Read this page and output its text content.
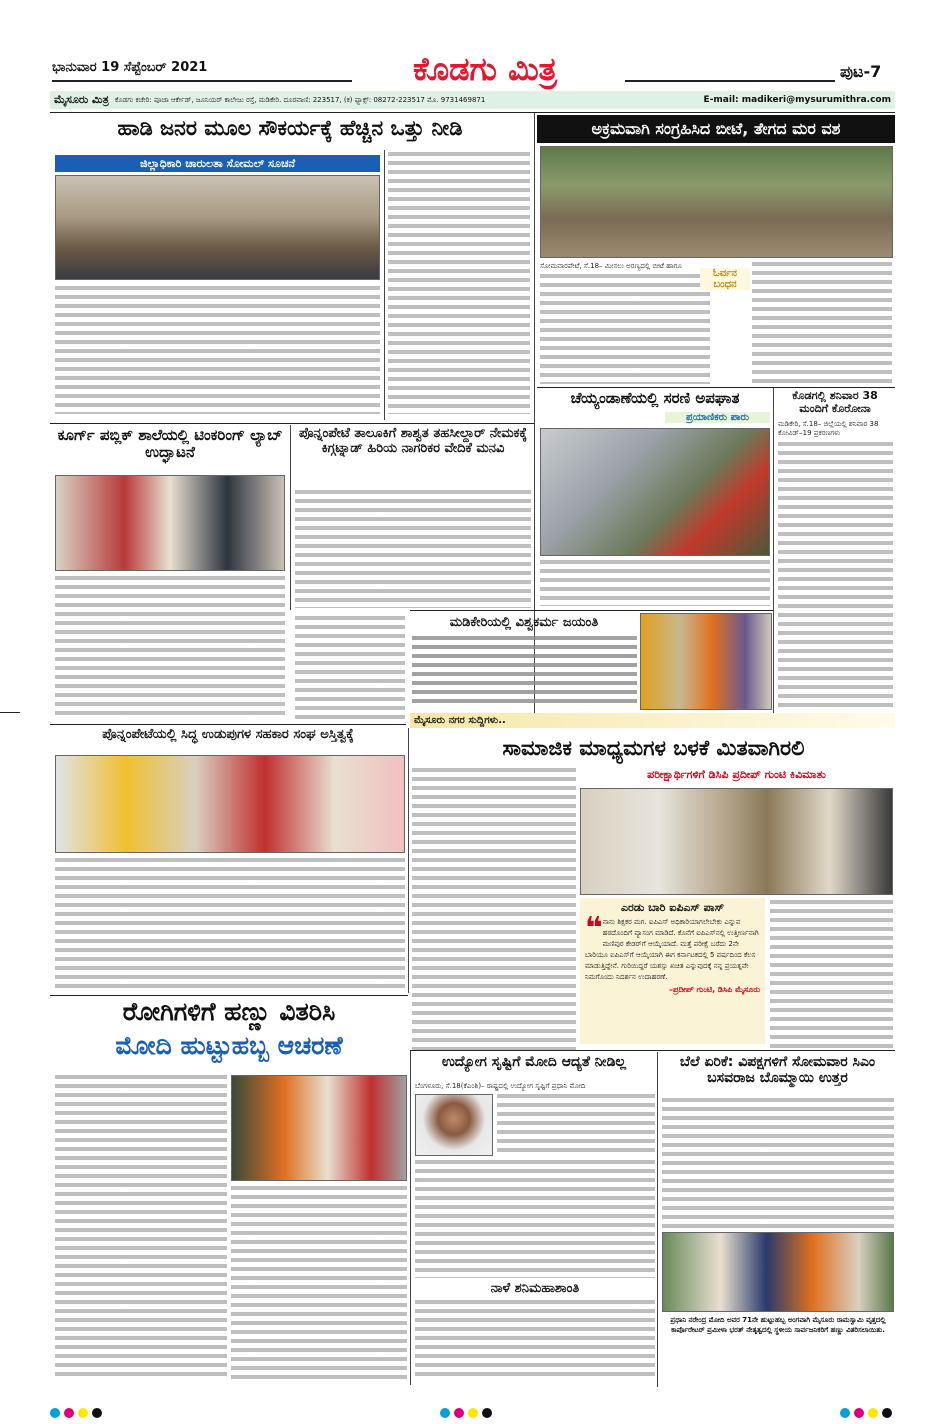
ಭಾನುವಾರ 19 ಸೆಪ್ಟೆಂಬರ್ 2021	ಕೊಡಗು ಮಿತ್ರ	ಪುಟ-7
ಮೈಸೂರು ಮಿತ್ರ ಕೊಡಗು ಕಚೇರಿ: ಪೂಜಾ ಆರ್ಕೇಡ್, ಜೂನಿಯರ್ ಕಾಲೇಜು ರಸ್ತೆ, ಮಡಿಕೇರಿ. ದೂರವಾಣಿ: 223517, (ಕ) ಫ್ಯಾಕ್ಸ್: 08272-223517 ಮೊ. 9731469871	E-mail: madikeri@mysurumithra.com
ಹಾಡಿ ಜನರ ಮೂಲ ಸೌಕರ್ಯಕ್ಕೆ ಹೆಚ್ಚಿನ ಒತ್ತು ನೀಡಿ
ಜಿಲ್ಲಾಧಿಕಾರಿ ಚಾರುಲತಾ ಸೋಮಲ್ ಸೂಚನೆ
ಅಕ್ರಮವಾಗಿ ಸಂಗ್ರಹಿಸಿದ ಬೀಟೆ, ತೇಗದ ಮರ ವಶ
ಸೋಮವಾರಪೇಟೆ, ಸೆ.18– ಮೀಸಲು ಅರಣ್ಯದಲ್ಲಿ ಬೀಟೆ ಹಾಗೂ
ಓರ್ವನ ಬಂಧನ
ಚೆಯ್ಯಂಡಾಣೆಯಲ್ಲಿ ಸರಣಿ ಅಪಘಾತ
ಪ್ರಯಾಣಿಕರು ಪಾರು
ಕೊಡಗಲ್ಲಿ ಶನಿವಾರ 38 ಮಂದಿಗೆ ಕೊರೋನಾ
ಮಡಿಕೇರಿ, ಸೆ.18– ಜಿಲ್ಲೆಯಲ್ಲಿ ಶನಿವಾರ 38 ಕೋವಿಡ್–19 ಪ್ರಕರಣಗಳು
ಕೂರ್ಗ್ ಪಬ್ಲಿಕ್ ಶಾಲೆಯಲ್ಲಿ ಟಿಂಕರಿಂಗ್ ಲ್ಯಾಬ್ ಉದ್ಘಾಟನೆ
ಪೊನ್ನಂಪೇಟೆ ತಾಲೂಕಿಗೆ ಶಾಶ್ವತ ತಹಸೀಲ್ದಾರ್ ನೇಮಕಕ್ಕೆ ಕಿಗ್ಗಟ್ನಾಡ್ ಹಿರಿಯ ನಾಗರಿಕರ ವೇದಿಕೆ ಮನವಿ
ಮಡಿಕೇರಿಯಲ್ಲಿ ವಿಶ್ವಕರ್ಮ ಜಯಂತಿ
ಮೈಸೂರು ನಗರ ಸುದ್ದಿಗಳು..
ಪೊನ್ನಂಪೇಟೆಯಲ್ಲಿ ಸಿದ್ಧ ಉಡುಪುಗಳ ಸಹಕಾರ ಸಂಘ ಅಸ್ತಿತ್ವಕ್ಕೆ
ಸಾಮಾಜಿಕ ಮಾಧ್ಯಮಗಳ ಬಳಕೆ ಮಿತವಾಗಿರಲಿ
ಪರೀಕ್ಷಾರ್ಥಿಗಳಿಗೆ ಡಿಸಿಪಿ ಪ್ರದೀಪ್ ಗುಂಟಿ ಕಿವಿಮಾತು
ಎರಡು ಬಾರಿ ಐಪಿಎಸ್ ಪಾಸ್
❝ ನಾನು ಶಿಕ್ಷಕರ ಮಗ. ಐಪಿಎಸ್ ಅಧಿಕಾರಿಯಾಗಲೇಬೇಕು ಎನ್ನುವ ಹಠದೊಂದಿಗೆ ವ್ಯಾಸಂಗ ಮಾಡಿದೆ. ಕೊನೆಗೆ ಐಪಿಎಸ್‌ನಲ್ಲಿ ಉತ್ತೀರ್ಣನಾಗಿ ಮಣಿಪುರ ಕೇಡರ್‌ಗೆ ಆಯ್ಕೆಯಾದೆ. ಮತ್ತೆ ಪರೀಕ್ಷೆ ಬರೆದು 2ನೇ ಬಾರಿಯೂ ಐಪಿಎಸ್‌ಗೆ ಆಯ್ಕೆಯಾಗಿ ಈಗ ಕರ್ನಾಟಕದಲ್ಲಿ 5 ವರ್ಷದಿಂದ ಕೆಲಸ ಮಾಡುತ್ತಿದ್ದೇನೆ. ಗುರಿಯಿದ್ದರೆ ಯಶಸ್ಸು ಖಚಿತ ಎನ್ನುವುದಕ್ಕೆ ನನ್ನ ಪ್ರಯತ್ನವೇ ನಿಮಗೊಂದು ನಿದರ್ಶನ ಉದಾಹರಣೆ.
–ಪ್ರದೀಪ್ ಗುಂಟಿ, ಡಿಸಿಪಿ ಮೈಸೂರು
ರೋಗಿಗಳಿಗೆ ಹಣ್ಣು ವಿತರಿಸಿ
ಮೋದಿ ಹುಟ್ಟುಹಬ್ಬ ಆಚರಣೆ
ಉದ್ಯೋಗ ಸೃಷ್ಟಿಗೆ ಮೋದಿ ಆದ್ಯತೆ ನೀಡಿಲ್ಲ
ಬೆಂಗಳೂರು, ಸೆ.18(ಕೆಎಂಶಿ)– ರಾಷ್ಟ್ರದಲ್ಲಿ ಉದ್ಯೋಗ ಸೃಷ್ಟಿಗೆ ಪ್ರಧಾನಿ ಮೋದಿ
ನಾಳೆ ಶನಿಮಹಾಶಾಂತಿ
ಬೆಲೆ ಏರಿಕೆ: ವಿಪಕ್ಷಗಳಿಗೆ ಸೋಮವಾರ ಸಿಎಂ ಬಸವರಾಜ ಬೊಮ್ಮಾಯಿ ಉತ್ತರ
ಪ್ರಧಾನಿ ನರೇಂದ್ರ ಮೋದಿ ಅವರ 71ನೇ ಹುಟ್ಟುಹಬ್ಬ ಅಂಗವಾಗಿ ಮೈಸೂರು ರಾಮಸ್ವಾಮಿ ವೃತ್ತದಲ್ಲಿ ಕಾರ್ಪೊರೇಟರ್ ಪ್ರಮೀಳಾ ಭರತ್ ನೇತೃತ್ವದಲ್ಲಿ ಸ್ಥಳೀಯ ಸಾರ್ವಜನಿಕರಿಗೆ ಹಣ್ಣು ವಿತರಿಸಲಾಯಿತು.
